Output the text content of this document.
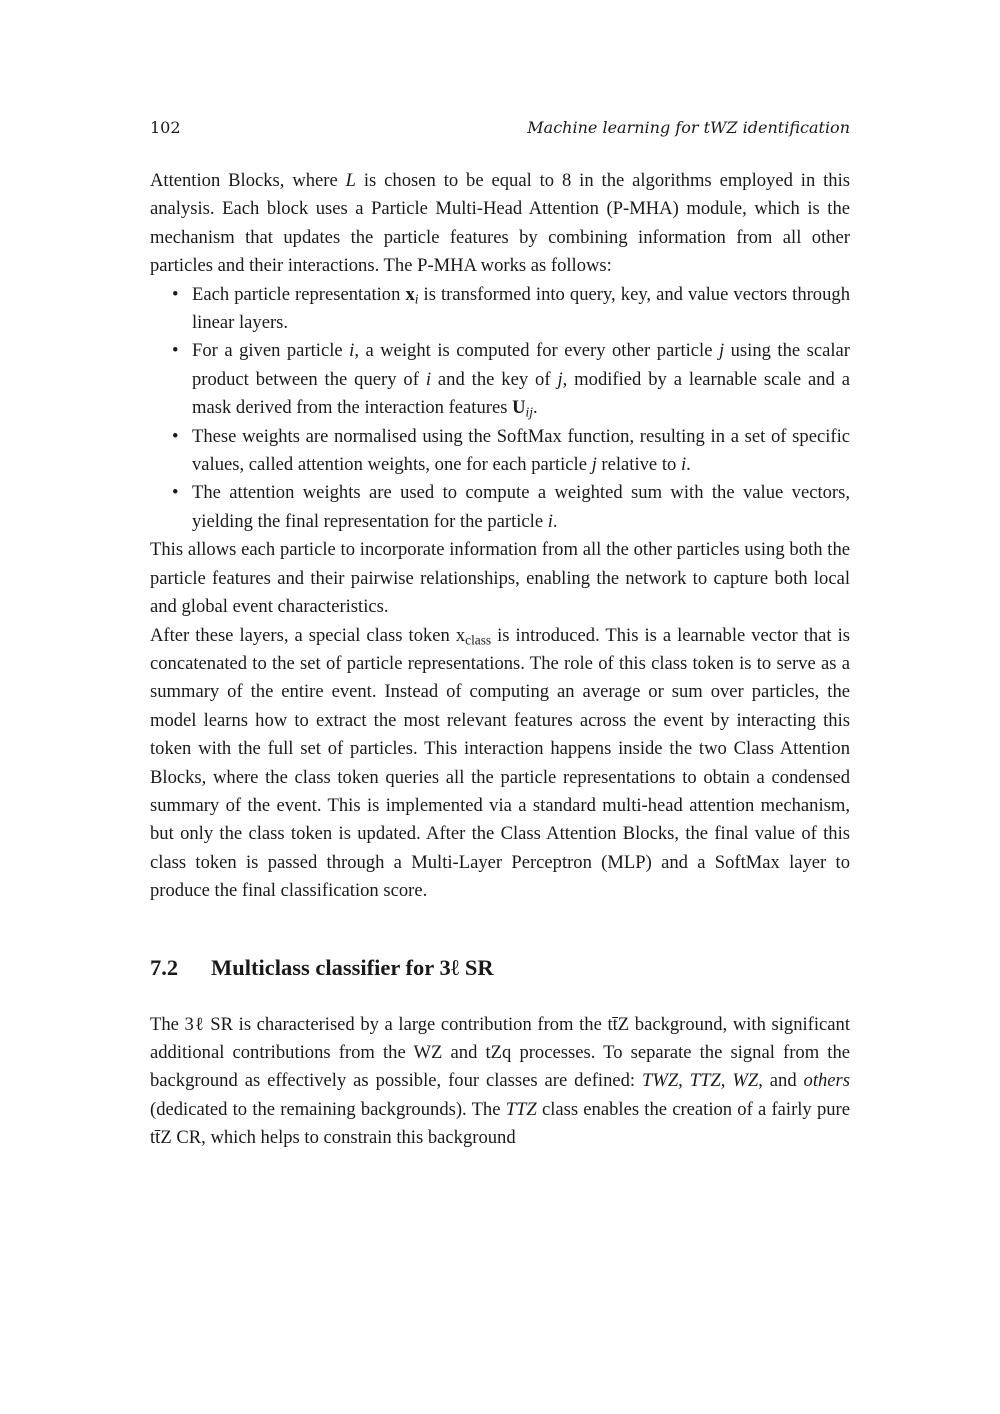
102	Machine learning for tWZ identification

Attention Blocks, where L is chosen to be equal to 8 in the algorithms employed in this analysis. Each block uses a Particle Multi-Head Attention (P-MHA) module, which is the mechanism that updates the particle features by combining information from all other particles and their interactions. The P-MHA works as follows:

• Each particle representation $x_i$ is transformed into query, key, and value vectors through linear layers.
• For a given particle i, a weight is computed for every other particle j using the scalar product between the query of i and the key of j, modified by a learnable scale and a mask derived from the interaction features $U_{ij}$.
• These weights are normalised using the SoftMax function, resulting in a set of specific values, called attention weights, one for each particle j relative to i.
• The attention weights are used to compute a weighted sum with the value vectors, yielding the final representation for the particle i.

This allows each particle to incorporate information from all the other particles using both the particle features and their pairwise relationships, enabling the network to capture both local and global event characteristics.

After these layers, a special class token $x_{class}$ is introduced. This is a learnable vector that is concatenated to the set of particle representations. The role of this class token is to serve as a summary of the entire event. Instead of computing an average or sum over particles, the model learns how to extract the most relevant features across the event by interacting this token with the full set of particles. This interaction happens inside the two Class Attention Blocks, where the class token queries all the particle representations to obtain a condensed summary of the event. This is implemented via a standard multi-head attention mechanism, but only the class token is updated. After the Class Attention Blocks, the final value of this class token is passed through a Multi-Layer Perceptron (MLP) and a SoftMax layer to produce the final classification score.

7.2 Multiclass classifier for 3ℓ SR

The 3ℓ SR is characterised by a large contribution from the tt̄Z background, with significant additional contributions from the WZ and tZq processes. To separate the signal from the background as effectively as possible, four classes are defined: TWZ, TTZ, WZ, and others (dedicated to the remaining backgrounds). The TTZ class enables the creation of a fairly pure tt̄Z CR, which helps to constrain this background
